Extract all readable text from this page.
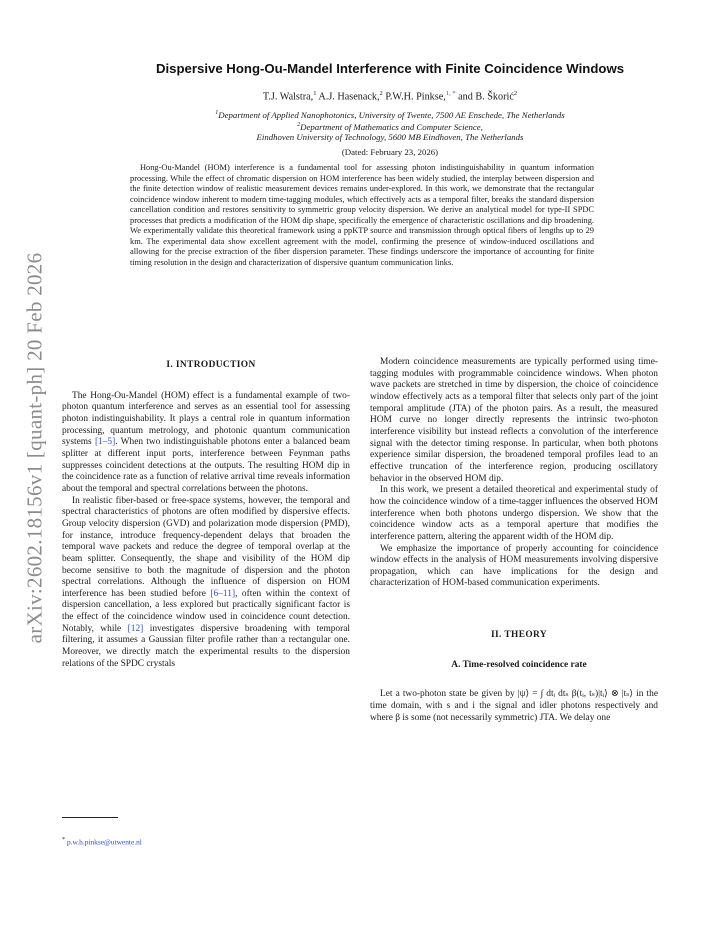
arXiv:2602.18156v1 [quant-ph] 20 Feb 2026
Dispersive Hong-Ou-Mandel Interference with Finite Coincidence Windows
T.J. Walstra,$^1$ A.J. Hasenack,$^2$ P.W.H. Pinkse,$^{1, *}$ and B. Škorić$^2$
$^1$Department of Applied Nanophotonics, University of Twente, 7500 AE Enschede, The Netherlands
$^2$Department of Mathematics and Computer Science,
Eindhoven University of Technology, 5600 MB Eindhoven, The Netherlands
(Dated: February 23, 2026)

Hong-Ou-Mandel (HOM) interference is a fundamental tool for assessing photon indistinguishability in quantum information processing. While the effect of chromatic dispersion on HOM interference has been widely studied, the interplay between dispersion and the finite detection window of realistic measurement devices remains under-explored. In this work, we demonstrate that the rectangular coincidence window inherent to modern time-tagging modules, which effectively acts as a temporal filter, breaks the standard dispersion cancellation condition and restores sensitivity to symmetric group velocity dispersion. We derive an analytical model for type-II SPDC processes that predicts a modification of the HOM dip shape, specifically the emergence of characteristic oscillations and dip broadening. We experimentally validate this theoretical framework using a ppKTP source and transmission through optical fibers of lengths up to 29 km. The experimental data show excellent agreement with the model, confirming the presence of window-induced oscillations and allowing for the precise extraction of the fiber dispersion parameter. These findings underscore the importance of accounting for finite timing resolution in the design and characterization of dispersive quantum communication links.

I. INTRODUCTION

The Hong-Ou-Mandel (HOM) effect is a fundamental example of two-photon quantum interference and serves as an essential tool for assessing photon indistinguishability. It plays a central role in quantum information processing, quantum metrology, and photonic quantum communication systems [1–5]. When two indistinguishable photons enter a balanced beam splitter at different input ports, interference between Feynman paths suppresses coincident detections at the outputs. The resulting HOM dip in the coincidence rate as a function of relative arrival time reveals information about the temporal and spectral correlations between the photons.

In realistic fiber-based or free-space systems, however, the temporal and spectral characteristics of photons are often modified by dispersive effects. Group velocity dispersion (GVD) and polarization mode dispersion (PMD), for instance, introduce frequency-dependent delays that broaden the temporal wave packets and reduce the degree of temporal overlap at the beam splitter. Consequently, the shape and visibility of the HOM dip become sensitive to both the magnitude of dispersion and the photon spectral correlations. Although the influence of dispersion on HOM interference has been studied before [6–11], often within the context of dispersion cancellation, a less explored but practically significant factor is the effect of the coincidence window used in coincidence count detection. Notably, while [12] investigates dispersive broadening with temporal filtering, it assumes a Gaussian filter profile rather than a rectangular one. Moreover, we directly match the experimental results to the dispersion relations of the SPDC crystals

Modern coincidence measurements are typically performed using time-tagging modules with programmable coincidence windows. When photon wave packets are stretched in time by dispersion, the choice of coincidence window effectively acts as a temporal filter that selects only part of the joint temporal amplitude (JTA) of the photon pairs. As a result, the measured HOM curve no longer directly represents the intrinsic two-photon interference visibility but instead reflects a convolution of the interference signal with the detector timing response. In particular, when both photons experience similar dispersion, the broadened temporal profiles lead to an effective truncation of the interference region, producing oscillatory behavior in the observed HOM dip.

In this work, we present a detailed theoretical and experimental study of how the coincidence window of a time-tagger influences the observed HOM interference when both photons undergo dispersion. We show that the coincidence window acts as a temporal aperture that modifies the interference pattern, altering the apparent width of the HOM dip.

We emphasize the importance of properly accounting for coincidence window effects in the analysis of HOM measurements involving dispersive propagation, which can have implications for the design and characterization of HOM-based communication experiments.

II. THEORY

A. Time-resolved coincidence rate

Let a two-photon state be given by |ψ⟩ = ∫ dtᵢ dtₛ β(tᵢ, tₛ)|tᵢ⟩ ⊗ |tₛ⟩ in the time domain, with s and i the signal and idler photons respectively and where β is some (not necessarily symmetric) JTA. We delay one

* p.w.h.pinkse@utwente.nl
